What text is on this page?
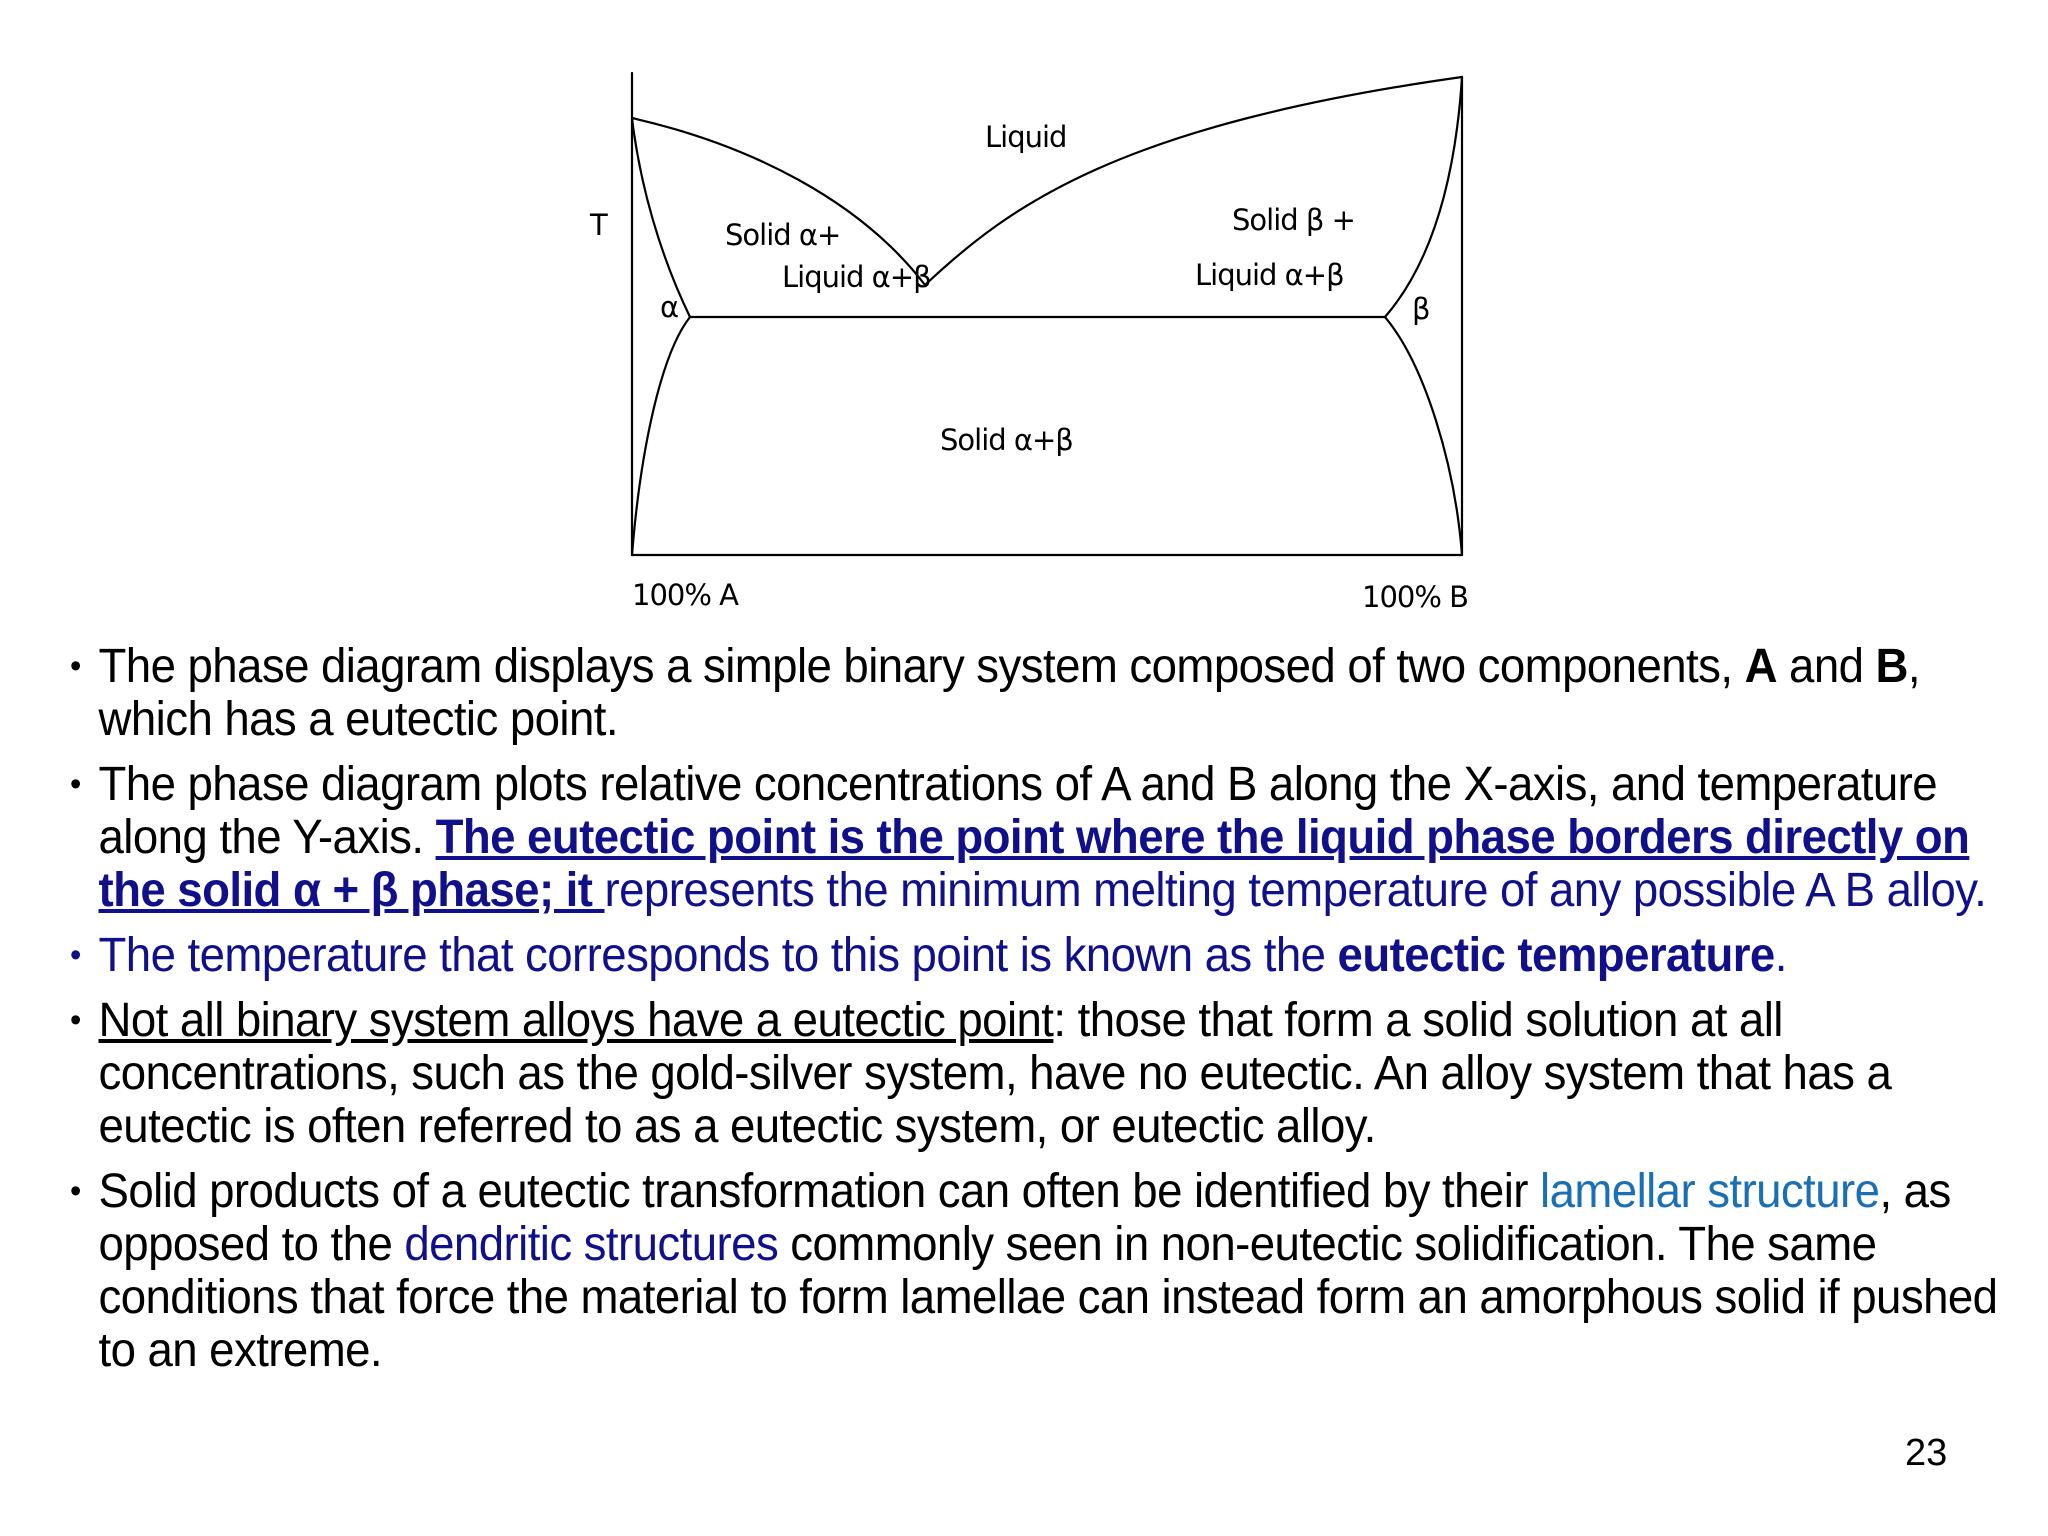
T
Liquid
Solid α+
Liquid α+β
Solid β +
Liquid α+β
α	β
Solid α+β
100% A	100% B
• The phase diagram displays a simple binary system composed of two components, A and B, which has a eutectic point.
• The phase diagram plots relative concentrations of A and B along the X-axis, and temperature along the Y-axis. The eutectic point is the point where the liquid phase borders directly on the solid α + β phase; it represents the minimum melting temperature of any possible A B alloy.
• The temperature that corresponds to this point is known as the eutectic temperature.
• Not all binary system alloys have a eutectic point: those that form a solid solution at all concentrations, such as the gold-silver system, have no eutectic. An alloy system that has a eutectic is often referred to as a eutectic system, or eutectic alloy.
• Solid products of a eutectic transformation can often be identified by their lamellar structure, as opposed to the dendritic structures commonly seen in non-eutectic solidification. The same conditions that force the material to form lamellae can instead form an amorphous solid if pushed to an extreme.
23
